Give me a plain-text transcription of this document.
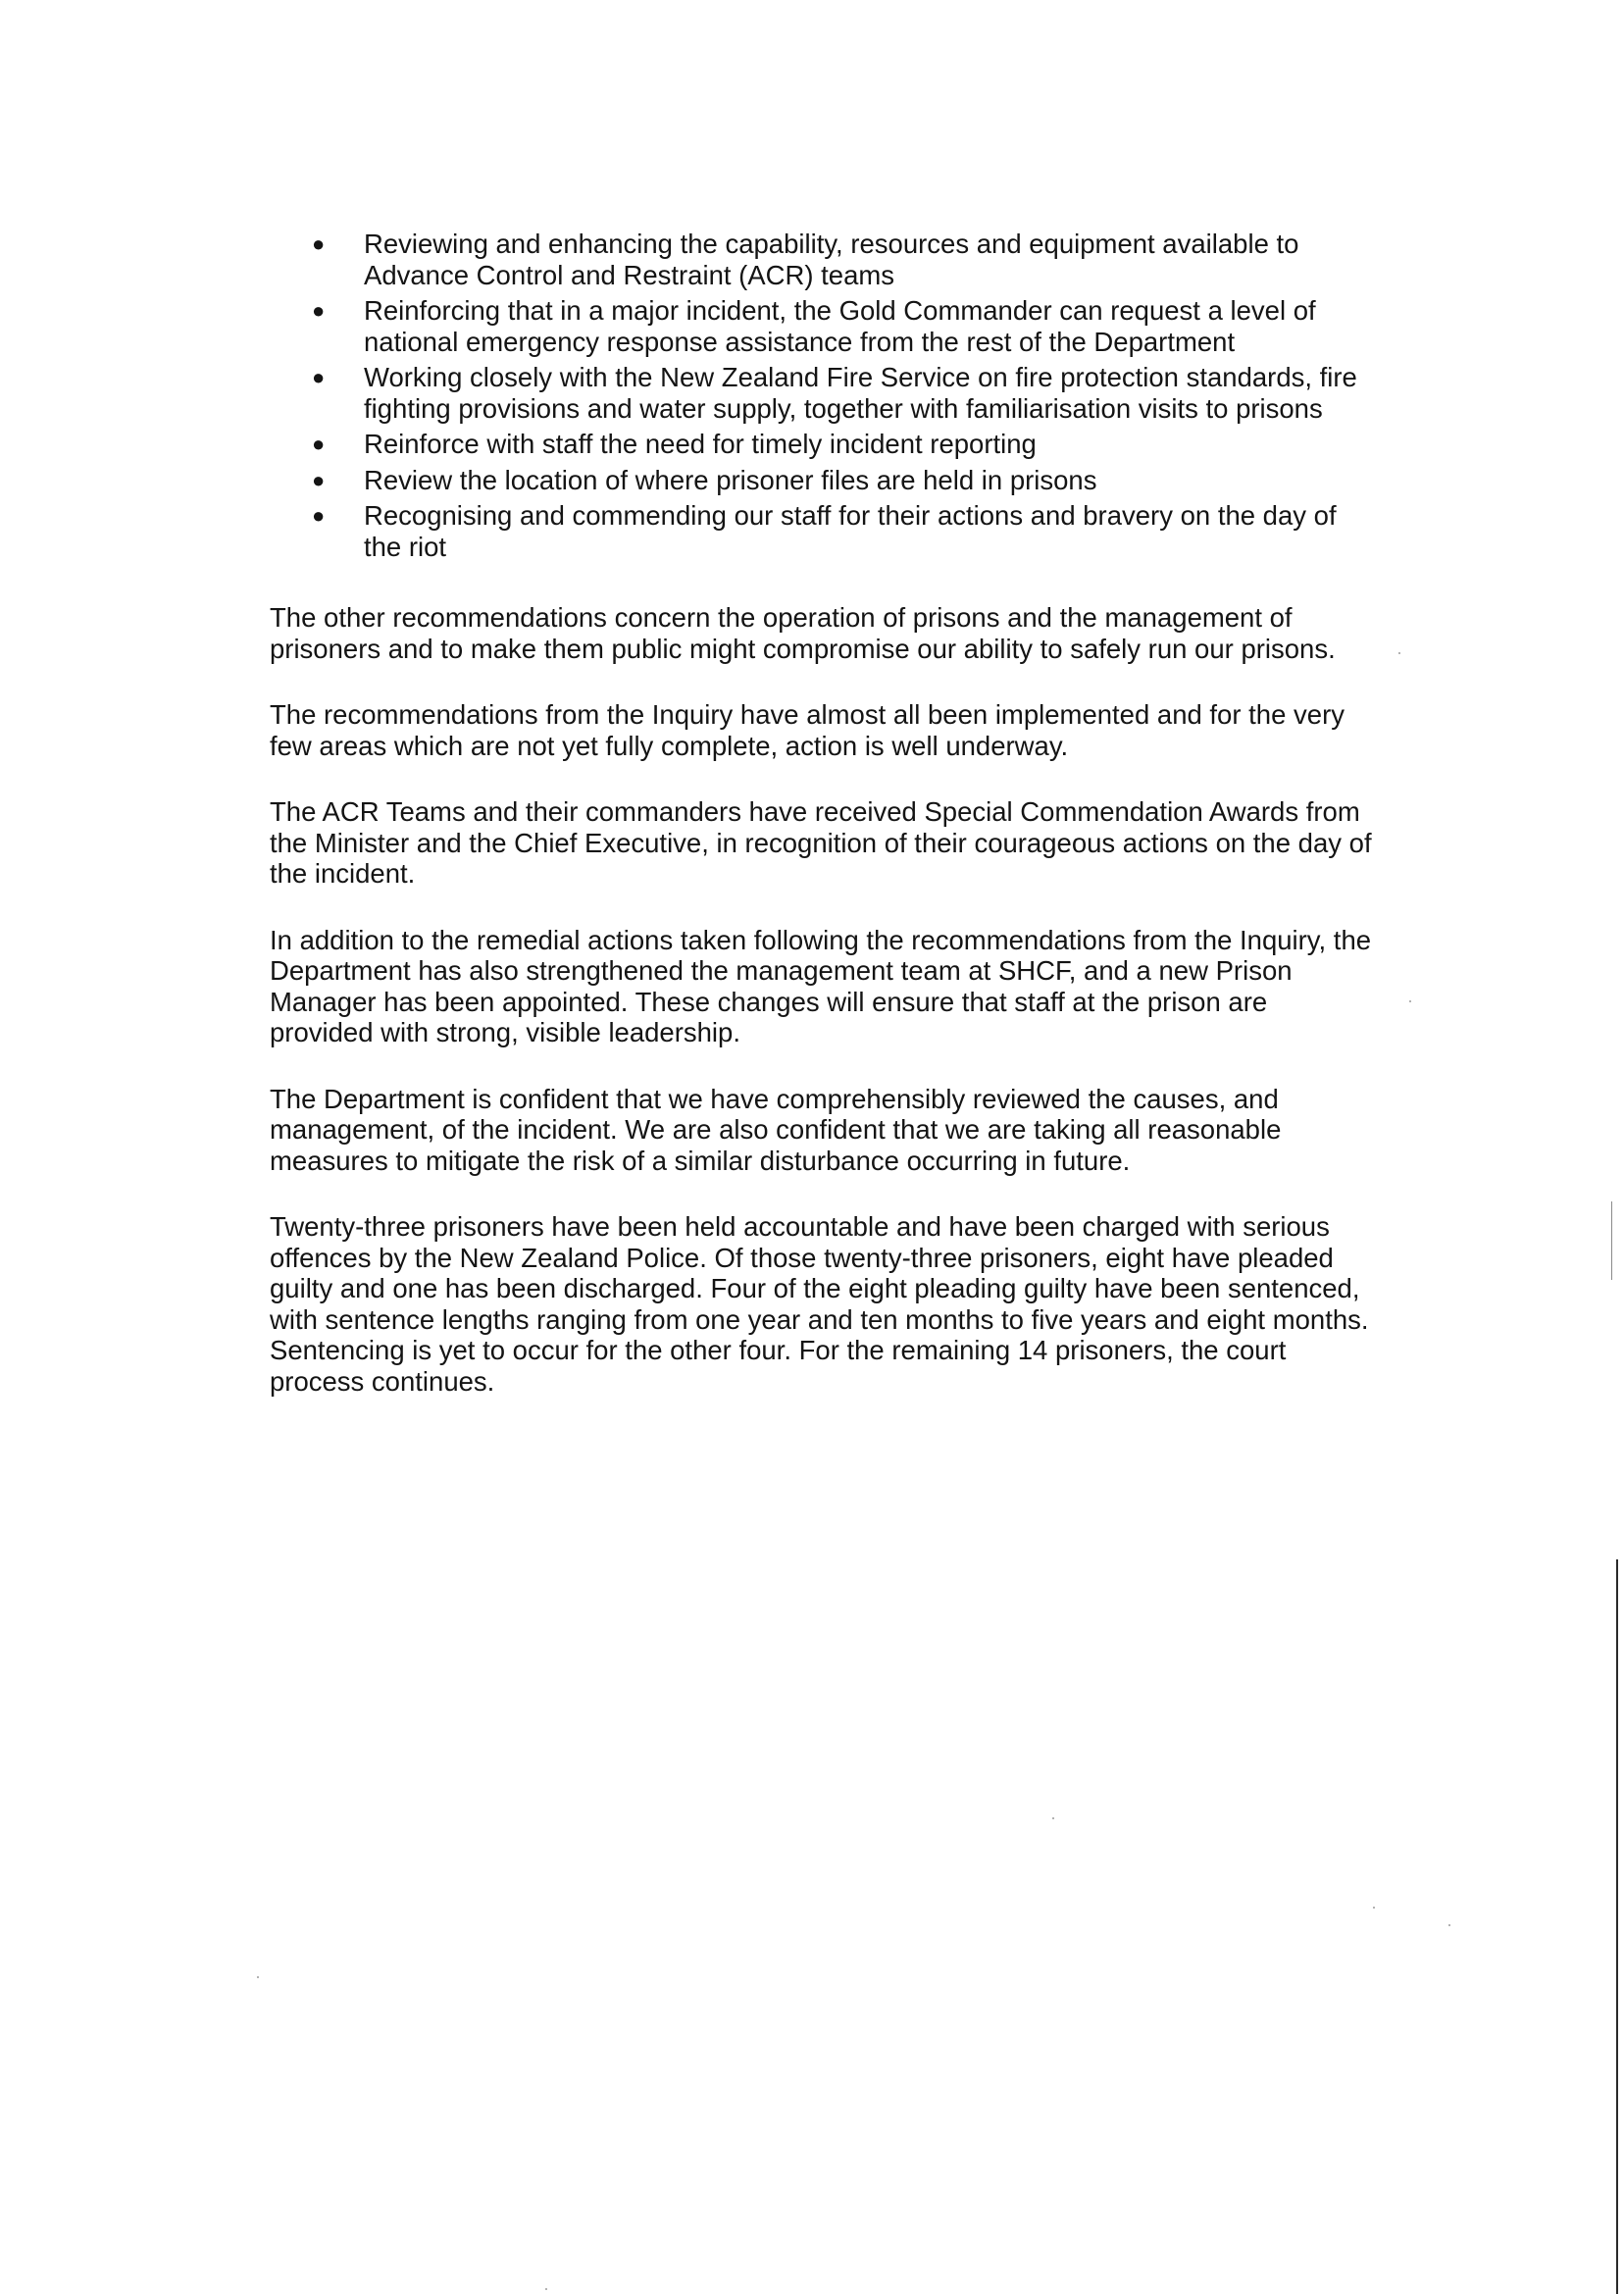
● Reviewing and enhancing the capability, resources and equipment available to Advance Control and Restraint (ACR) teams
● Reinforcing that in a major incident, the Gold Commander can request a level of national emergency response assistance from the rest of the Department
● Working closely with the New Zealand Fire Service on fire protection standards, fire fighting provisions and water supply, together with familiarisation visits to prisons
● Reinforce with staff the need for timely incident reporting
● Review the location of where prisoner files are held in prisons
● Recognising and commending our staff for their actions and bravery on the day of the riot

The other recommendations concern the operation of prisons and the management of prisoners and to make them public might compromise our ability to safely run our prisons.

The recommendations from the Inquiry have almost all been implemented and for the very few areas which are not yet fully complete, action is well underway.

The ACR Teams and their commanders have received Special Commendation Awards from the Minister and the Chief Executive, in recognition of their courageous actions on the day of the incident.

In addition to the remedial actions taken following the recommendations from the Inquiry, the Department has also strengthened the management team at SHCF, and a new Prison Manager has been appointed. These changes will ensure that staff at the prison are provided with strong, visible leadership.

The Department is confident that we have comprehensibly reviewed the causes, and management, of the incident. We are also confident that we are taking all reasonable measures to mitigate the risk of a similar disturbance occurring in future.

Twenty-three prisoners have been held accountable and have been charged with serious offences by the New Zealand Police. Of those twenty-three prisoners, eight have pleaded guilty and one has been discharged. Four of the eight pleading guilty have been sentenced, with sentence lengths ranging from one year and ten months to five years and eight months. Sentencing is yet to occur for the other four. For the remaining 14 prisoners, the court process continues.
